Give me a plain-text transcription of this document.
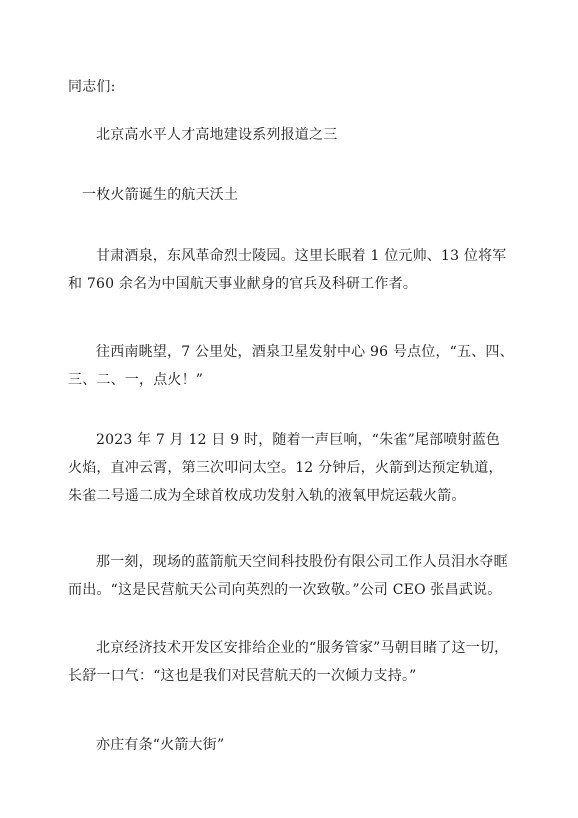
同志们:
北京高水平人才高地建设系列报道之三
一枚火箭诞生的航天沃土
甘肃酒泉，东风革命烈士陵园。这里长眠着 1 位元帅、13 位将军和 760 余名为中国航天事业献身的官兵及科研工作者。
往西南眺望，7 公里处，酒泉卫星发射中心 96 号点位，“五、四、三、二、一，点火！”
2023 年 7 月 12 日 9 时，随着一声巨响，“朱雀”尾部喷射蓝色火焰，直冲云霄，第三次叩问太空。12 分钟后，火箭到达预定轨道，朱雀二号遥二成为全球首枚成功发射入轨的液氧甲烷运载火箭。
那一刻，现场的蓝箭航天空间科技股份有限公司工作人员泪水夺眶而出。“这是民营航天公司向英烈的一次致敬。”公司 CEO 张昌武说。
北京经济技术开发区安排给企业的“服务管家”马朝目睹了这一切，长舒一口气：“这也是我们对民营航天的一次倾力支持。”
亦庄有条“火箭大街”
